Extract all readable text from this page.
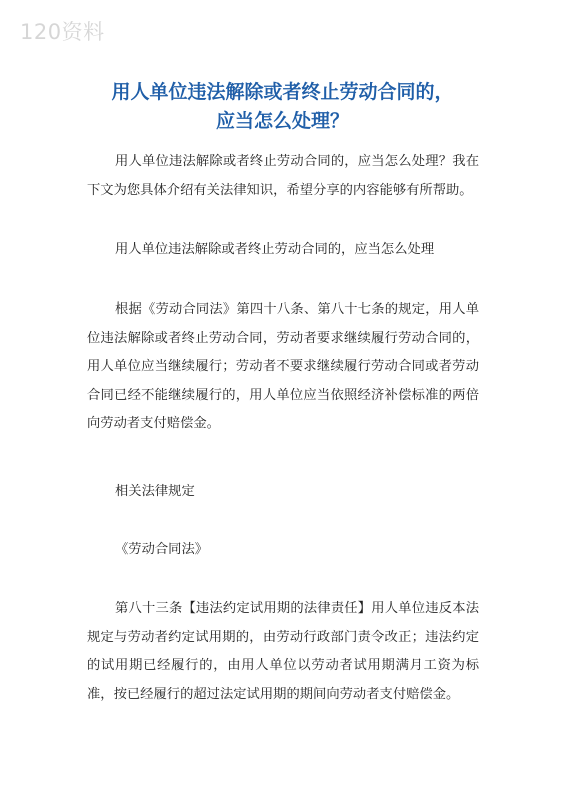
120资料
用人单位违法解除或者终止劳动合同的，
应当怎么处理？

用人单位违法解除或者终止劳动合同的，应当怎么处理？我在下文为您具体介绍有关法律知识，希望分享的内容能够有所帮助。

用人单位违法解除或者终止劳动合同的，应当怎么处理

根据《劳动合同法》第四十八条、第八十七条的规定，用人单位违法解除或者终止劳动合同，劳动者要求继续履行劳动合同的，用人单位应当继续履行；劳动者不要求继续履行劳动合同或者劳动合同已经不能继续履行的，用人单位应当依照经济补偿标准的两倍向劳动者支付赔偿金。

相关法律规定

《劳动合同法》

第八十三条【违法约定试用期的法律责任】用人单位违反本法规定与劳动者约定试用期的，由劳动行政部门责令改正；违法约定的试用期已经履行的，由用人单位以劳动者试用期满月工资为标准，按已经履行的超过法定试用期的期间向劳动者支付赔偿金。
